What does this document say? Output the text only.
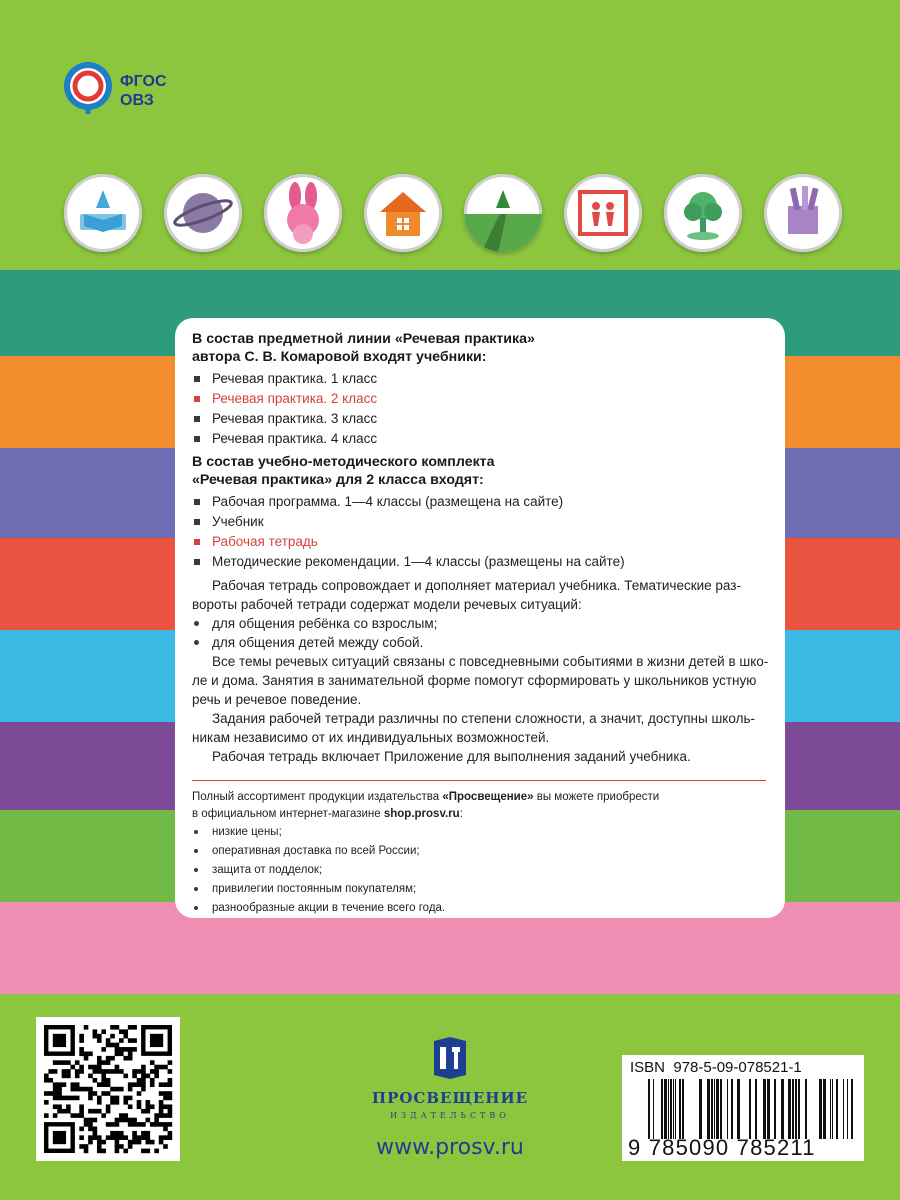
ФГОС
ОВЗ

В состав предметной линии «Речевая практика»

автора С. В. Комаровой входят учебники:

Речевая практика. 1 класс
Речевая практика. 2 класс
Речевая практика. 3 класс
Речевая практика. 4 класс

В состав учебно-методического комплекта

«Речевая практика» для 2 класса входят:

Рабочая программа. 1—4 классы (размещена на сайте)
Учебник
Рабочая тетрадь
Методические рекомендации. 1—4 классы (размещены на сайте)

Рабочая тетрадь сопровождает и дополняет материал учебника. Тематические раз-

вороты рабочей тетради содержат модели речевых ситуаций:

для общения ребёнка со взрослым;
для общения детей между собой.

Все темы речевых ситуаций связаны с повседневными событиями в жизни детей в шко-

ле и дома. Занятия в занимательной форме помогут сформировать у школьников устную

речь и речевое поведение.

Задания рабочей тетради различны по степени сложности, а значит, доступны школь-

никам независимо от их индивидуальных возможностей.

Рабочая тетрадь включает Приложение для выполнения заданий учебника.

Полный ассортимент продукции издательства «Просвещение» вы можете приобрести

в официальном интернет-магазине shop.prosv.ru:

низкие цены;
оперативная доставка по всей России;
защита от подделок;
привилегии постоянным покупателям;
разнообразные акции в течение всего года.
ПРОСВЕЩЕНИЕ
ИЗДАТЕЛЬСТВО
www.prosv.ru
ISBN  978-5-09-078521-1
9 785090 785211
